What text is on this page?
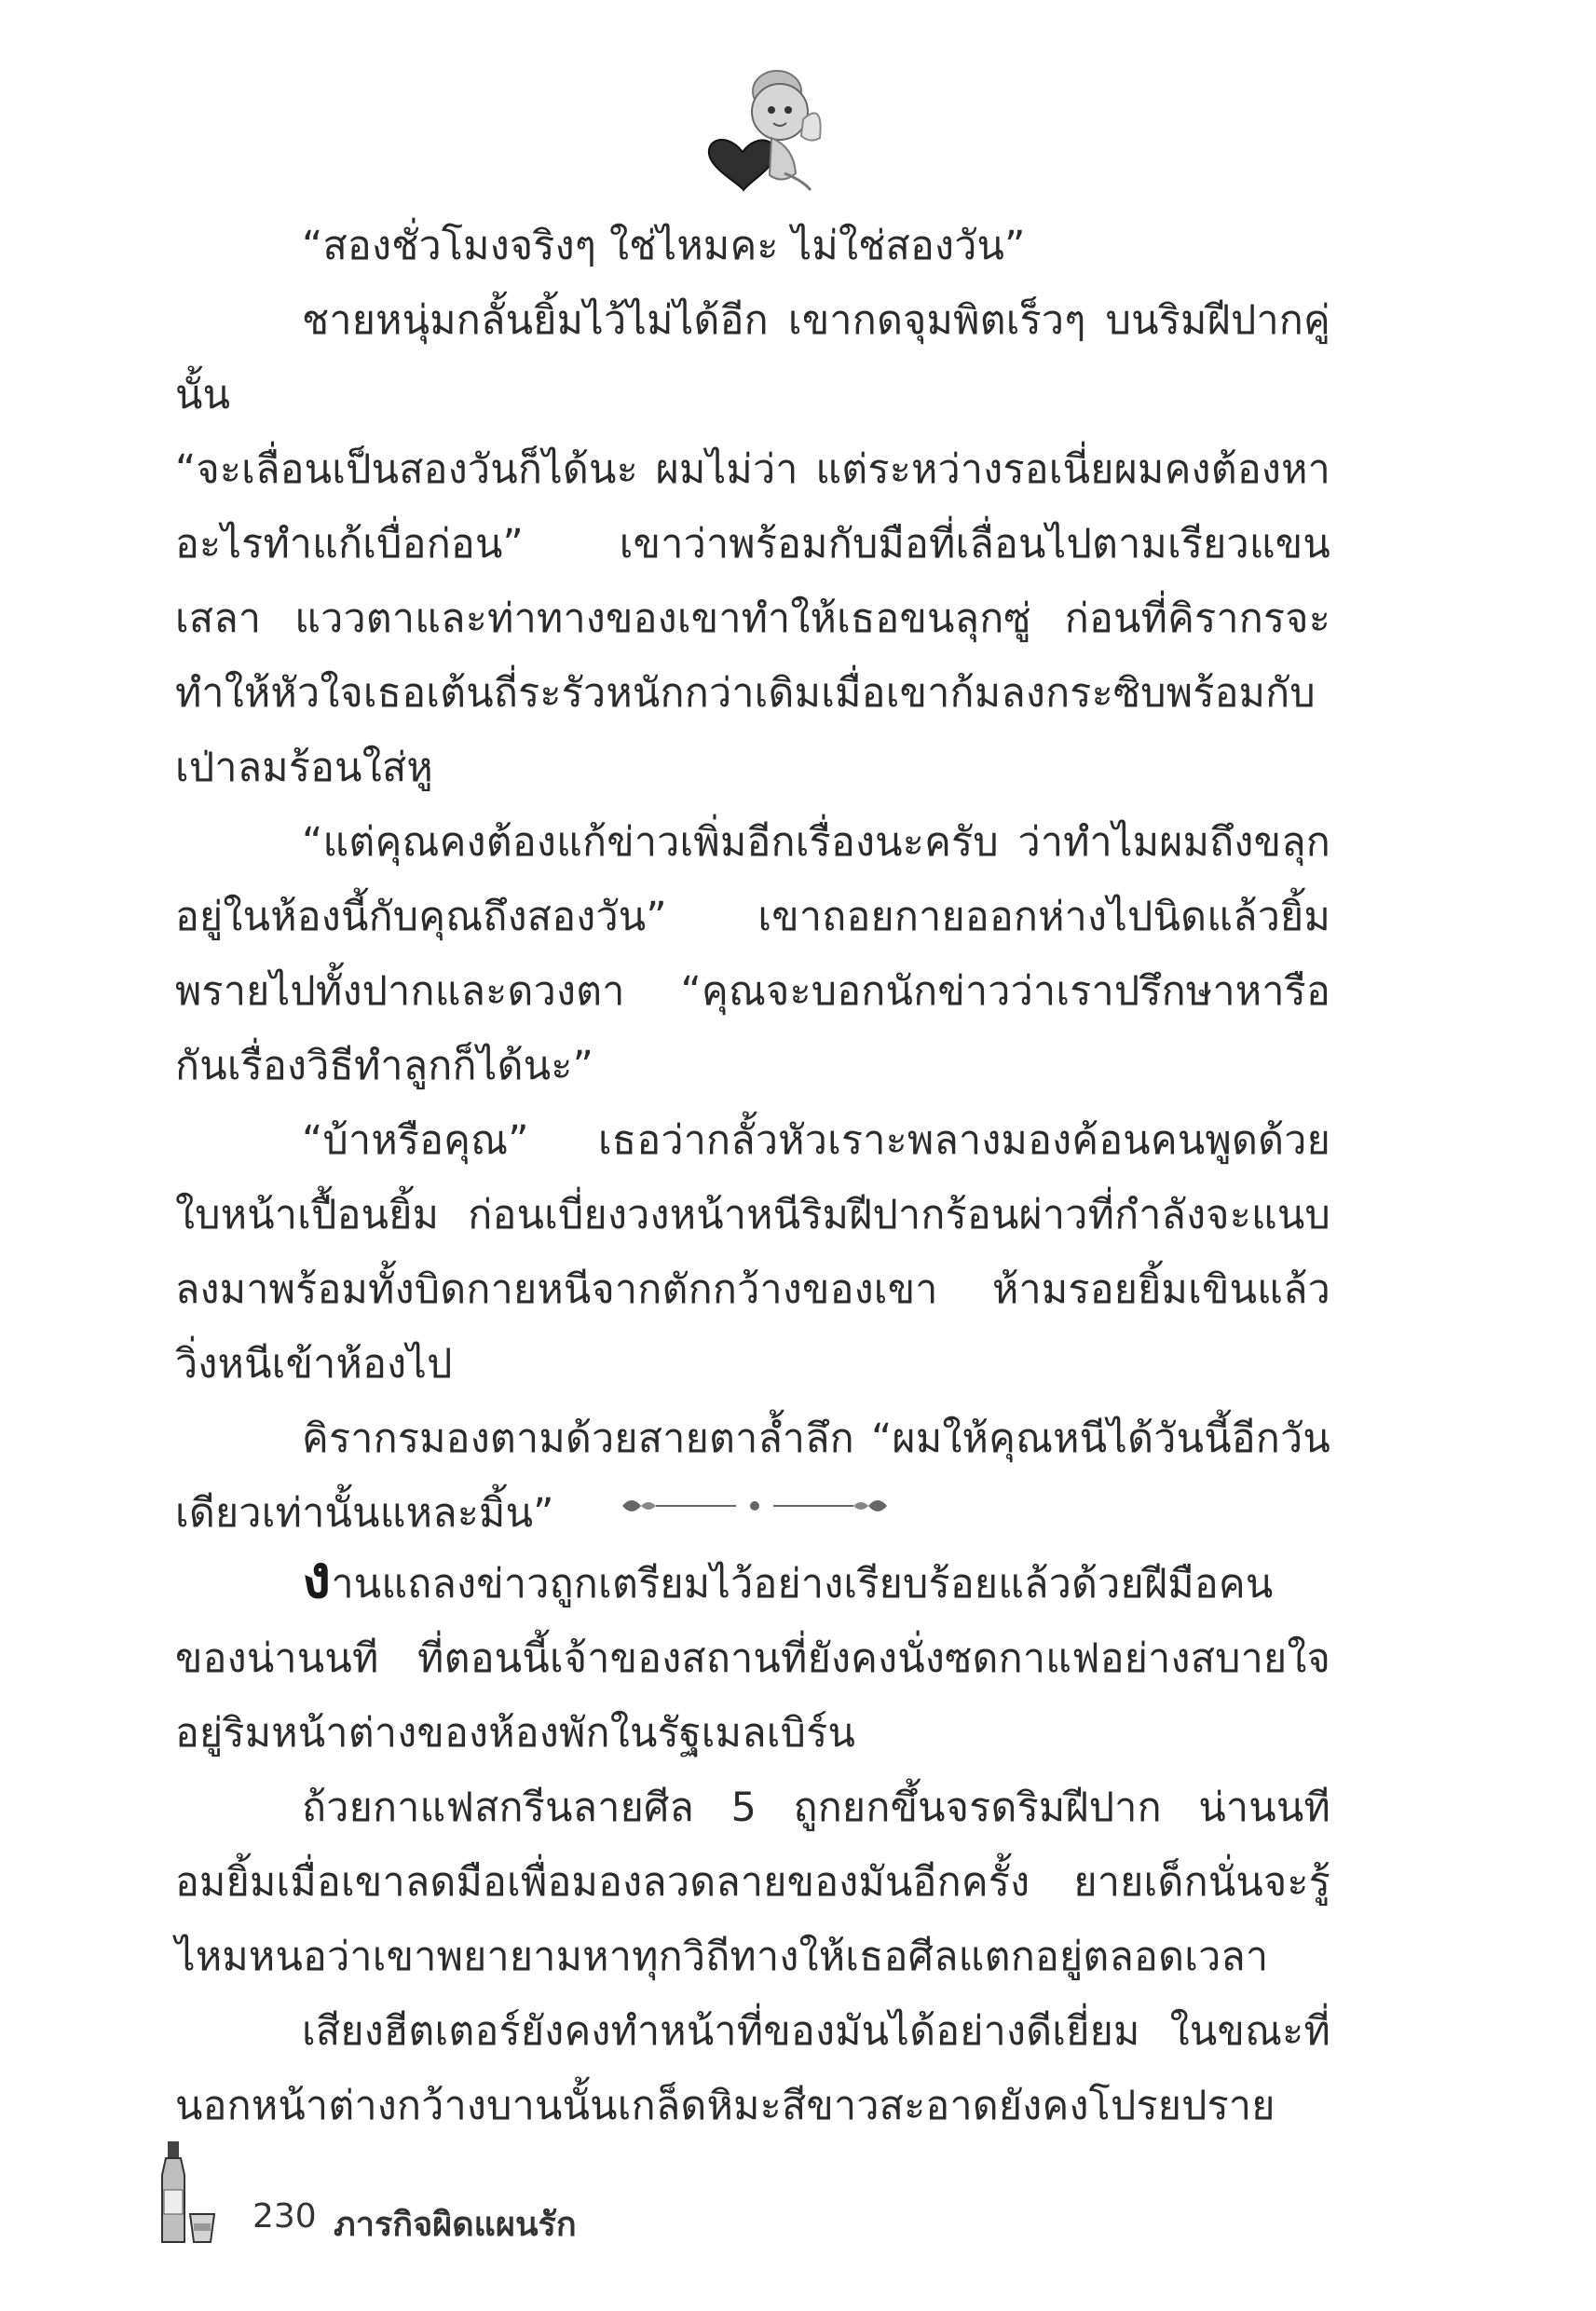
“สองชั่วโมงจริงๆ ใช่ไหมคะ ไม่ใช่สองวัน”

ชายหนุ่มกลั้นยิ้มไว้ไม่ได้อีก เขากดจุมพิตเร็วๆ บนริมฝีปากคู่นั้น

“จะเลื่อนเป็นสองวันก็ได้นะ ผมไม่ว่า แต่ระหว่างรอเนี่ยผมคงต้องหาอะไรทำแก้เบื่อก่อน” เขาว่าพร้อมกับมือที่เลื่อนไปตามเรียวแขนเสลา แววตาและท่าทางของเขาทำให้เธอขนลุกซู่ ก่อนที่คิรากรจะทำให้หัวใจเธอเต้นถี่ระรัวหนักกว่าเดิมเมื่อเขาก้มลงกระซิบพร้อมกับเป่าลมร้อนใส่หู

“แต่คุณคงต้องแก้ข่าวเพิ่มอีกเรื่องนะครับ ว่าทำไมผมถึงขลุกอยู่ในห้องนี้กับคุณถึงสองวัน” เขาถอยกายออกห่างไปนิดแล้วยิ้มพรายไปทั้งปากและดวงตา “คุณจะบอกนักข่าวว่าเราปรึกษาหารือกันเรื่องวิธีทำลูกก็ได้นะ”

“บ้าหรือคุณ” เธอว่ากลั้วหัวเราะพลางมองค้อนคนพูดด้วยใบหน้าเปื้อนยิ้ม ก่อนเบี่ยงวงหน้าหนีริมฝีปากร้อนผ่าวที่กำลังจะแนบลงมาพร้อมทั้งบิดกายหนีจากตักกว้างของเขา ห้ามรอยยิ้มเขินแล้ววิ่งหนีเข้าห้องไป

คิรากรมองตามด้วยสายตาล้ำลึก “ผมให้คุณหนีได้วันนี้อีกวันเดียวเท่านั้นแหละมิ้น”

งานแถลงข่าวถูกเตรียมไว้อย่างเรียบร้อยแล้วด้วยฝีมือคนของน่านนที ที่ตอนนี้เจ้าของสถานที่ยังคงนั่งซดกาแฟอย่างสบายใจอยู่ริมหน้าต่างของห้องพักในรัฐเมลเบิร์น

ถ้วยกาแฟสกรีนลายศีล 5 ถูกยกขึ้นจรดริมฝีปาก น่านนทีอมยิ้มเมื่อเขาลดมือเพื่อมองลวดลายของมันอีกครั้ง ยายเด็กนั่นจะรู้ไหมหนอว่าเขาพยายามหาทุกวิถีทางให้เธอศีลแตกอยู่ตลอดเวลา

เสียงฮีตเตอร์ยังคงทำหน้าที่ของมันได้อย่างดีเยี่ยม ในขณะที่นอกหน้าต่างกว้างบานนั้นเกล็ดหิมะสีขาวสะอาดยังคงโปรยปราย

230 ภารกิจผิดแผนรัก
